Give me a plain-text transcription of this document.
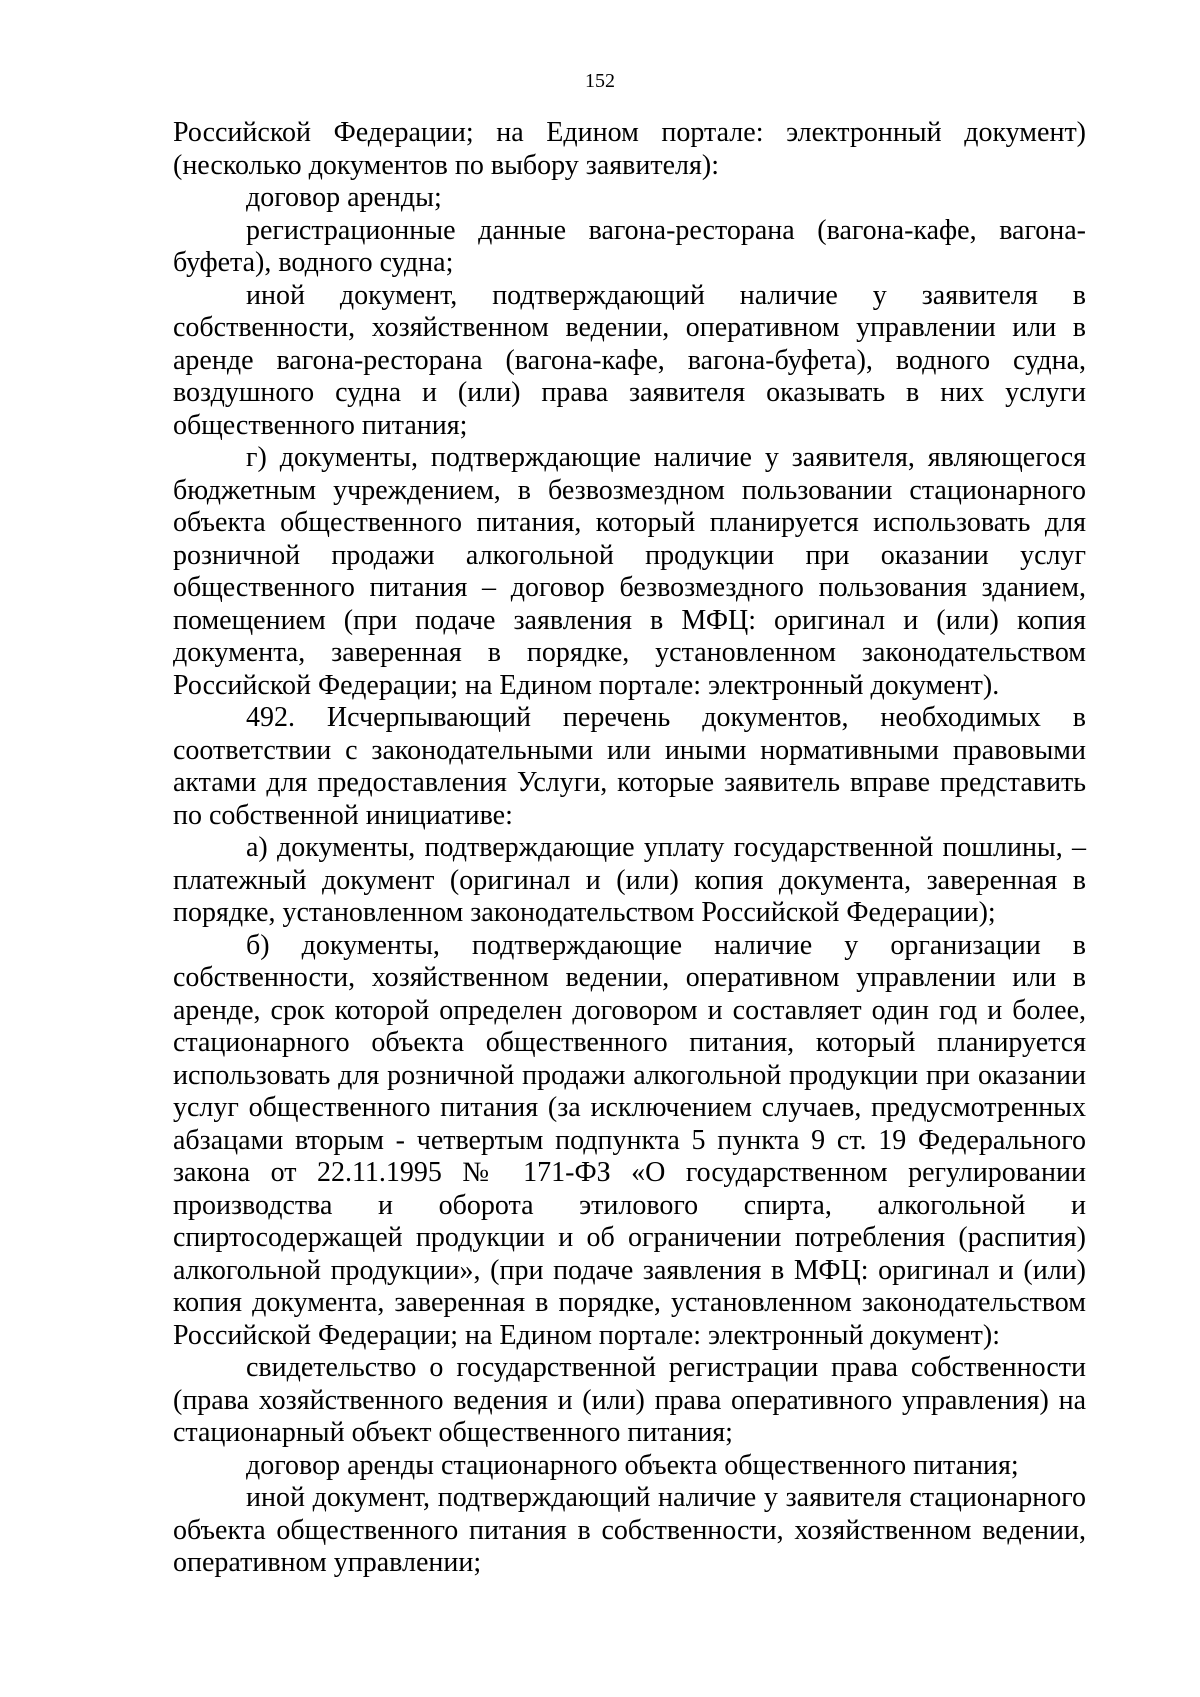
152

Российской Федерации; на Едином портале: электронный документ) (несколько документов по выбору заявителя):

договор аренды;

регистрационные данные вагона-ресторана (вагона-кафе, вагона-буфета), водного судна;

иной документ, подтверждающий наличие у заявителя в собственности, хозяйственном ведении, оперативном управлении или в аренде вагона-ресторана (вагона-кафе, вагона-буфета), водного судна, воздушного судна и (или) права заявителя оказывать в них услуги общественного питания;

г) документы, подтверждающие наличие у заявителя, являющегося бюджетным учреждением, в безвозмездном пользовании стационарного объекта общественного питания, который планируется использовать для розничной продажи алкогольной продукции при оказании услуг общественного питания – договор безвозмездного пользования зданием, помещением (при подаче заявления в МФЦ: оригинал и (или) копия документа, заверенная в порядке, установленном законодательством Российской Федерации; на Едином портале: электронный документ).

492. Исчерпывающий перечень документов, необходимых в соответствии с законодательными или иными нормативными правовыми актами для предоставления Услуги, которые заявитель вправе представить по собственной инициативе:

а) документы, подтверждающие уплату государственной пошлины, – платежный документ (оригинал и (или) копия документа, заверенная в порядке, установленном законодательством Российской Федерации);

б) документы, подтверждающие наличие у организации в собственности, хозяйственном ведении, оперативном управлении или в аренде, срок которой определен договором и составляет один год и более, стационарного объекта общественного питания, который планируется использовать для розничной продажи алкогольной продукции при оказании услуг общественного питания (за исключением случаев, предусмотренных абзацами вторым - четвертым подпункта 5 пункта 9 ст. 19 Федерального закона от 22.11.1995 № 171-ФЗ «О государственном регулировании производства и оборота этилового спирта, алкогольной и спиртосодержащей продукции и об ограничении потребления (распития) алкогольной продукции», (при подаче заявления в МФЦ: оригинал и (или) копия документа, заверенная в порядке, установленном законодательством Российской Федерации; на Едином портале: электронный документ):

свидетельство о государственной регистрации права собственности (права хозяйственного ведения и (или) права оперативного управления) на стационарный объект общественного питания;

договор аренды стационарного объекта общественного питания;

иной документ, подтверждающий наличие у заявителя стационарного объекта общественного питания в собственности, хозяйственном ведении, оперативном управлении;
